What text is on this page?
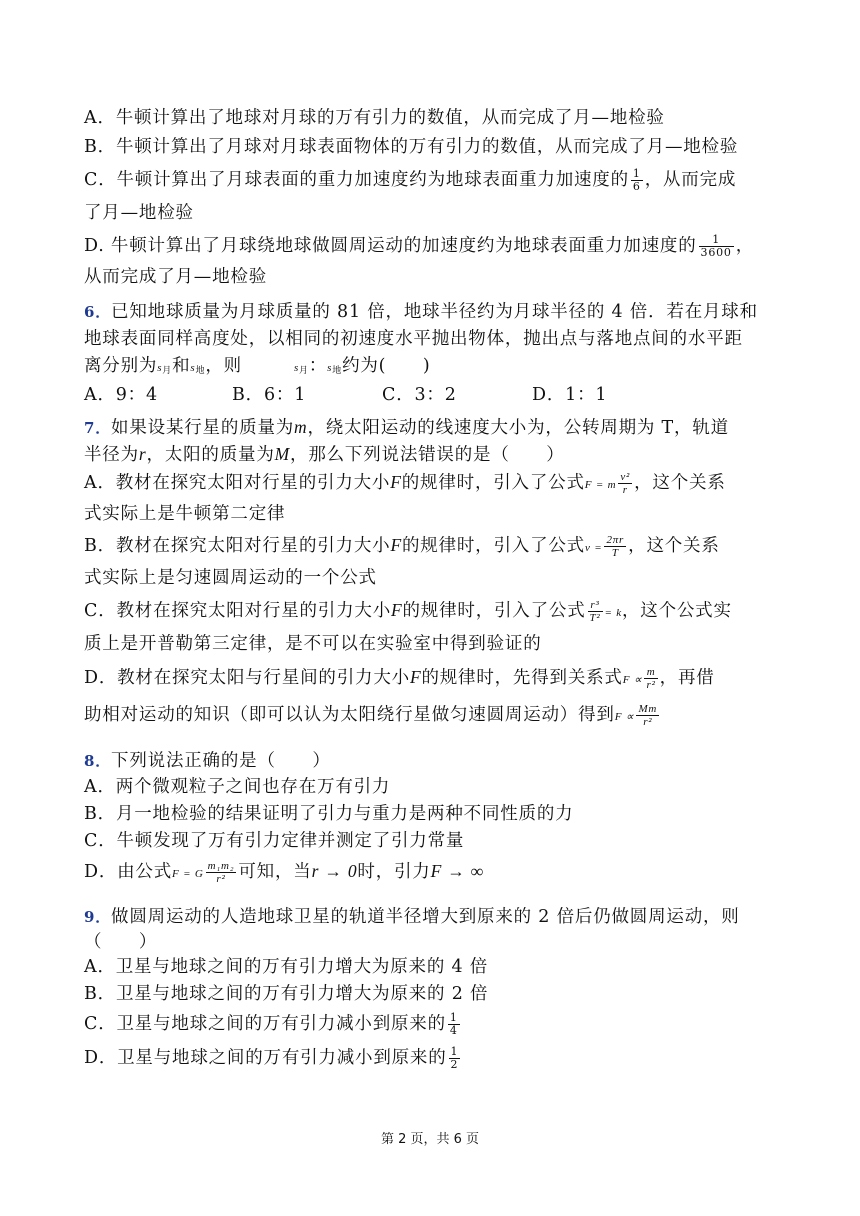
A．牛顿计算出了地球对月球的万有引力的数值，从而完成了月—地检验
B．牛顿计算出了月球对月球表面物体的万有引力的数值，从而完成了月—地检验
C．牛顿计算出了月球表面的重力加速度约为地球表面重力加速度的 $\frac{1}{6}$ ，从而完成
了月—地检验
D. 牛顿计算出了月球绕地球做圆周运动的加速度约为地球表面重力加速度的 $\frac{1}{3600}$ ，
从而完成了月—地检验
6．已知地球质量为月球质量的 81 倍，地球半径约为月球半径的 4 倍．若在月球和
地球表面同样高度处，以相同的初速度水平抛出物体，抛出点与落地点间的水平距
离分别为$s_月$和$s_地$，则	$s_月$：$s_地$约为(　　)
A．9：4	B．6：1	C．3：2	D．1：1
7．如果设某行星的质量为m，绕太阳运动的线速度大小为，公转周期为 T，轨道
半径为r，太阳的质量为M，那么下列说法错误的是（　　）
A．教材在探究太阳对行星的引力大小F的规律时，引入了公式F = m $\frac{\text{v²}}{r}$ ，这个关系
式实际上是牛顿第二定律
B．教材在探究太阳对行星的引力大小F的规律时，引入了公式$v = \frac{2\pi r}{T}$ ，这个关系
式实际上是匀速圆周运动的一个公式
C．教材在探究太阳对行星的引力大小F的规律时，引入了公式 $\frac{\text{r³}}{\text{T²}} = k$，这个公式实
质上是开普勒第三定律，是不可以在实验室中得到验证的
D．教材在探究太阳与行星间的引力大小F的规律时，先得到关系式$F \propto \frac{m}{\text{r²}}$ ，再借
助相对运动的知识（即可以认为太阳绕行星做匀速圆周运动）得到$F \propto \frac{Mm}{\text{r²}}$
8．下列说法正确的是（　　）
A．两个微观粒子之间也存在万有引力
B．月一地检验的结果证明了引力与重力是两种不同性质的力
C．牛顿发现了万有引力定律并测定了引力常量
D．由公式F = G $\frac{\text{m₁m₂}}{\text{r²}}$ 可知，当r → 0时，引力F → ∞
9．做圆周运动的人造地球卫星的轨道半径增大到原来的 2 倍后仍做圆周运动，则
（　　）
A．卫星与地球之间的万有引力增大为原来的 4 倍
B．卫星与地球之间的万有引力增大为原来的 2 倍
C．卫星与地球之间的万有引力减小到原来的 $\frac{1}{4}$
D．卫星与地球之间的万有引力减小到原来的 $\frac{1}{2}$
第 2 页，共 6 页
